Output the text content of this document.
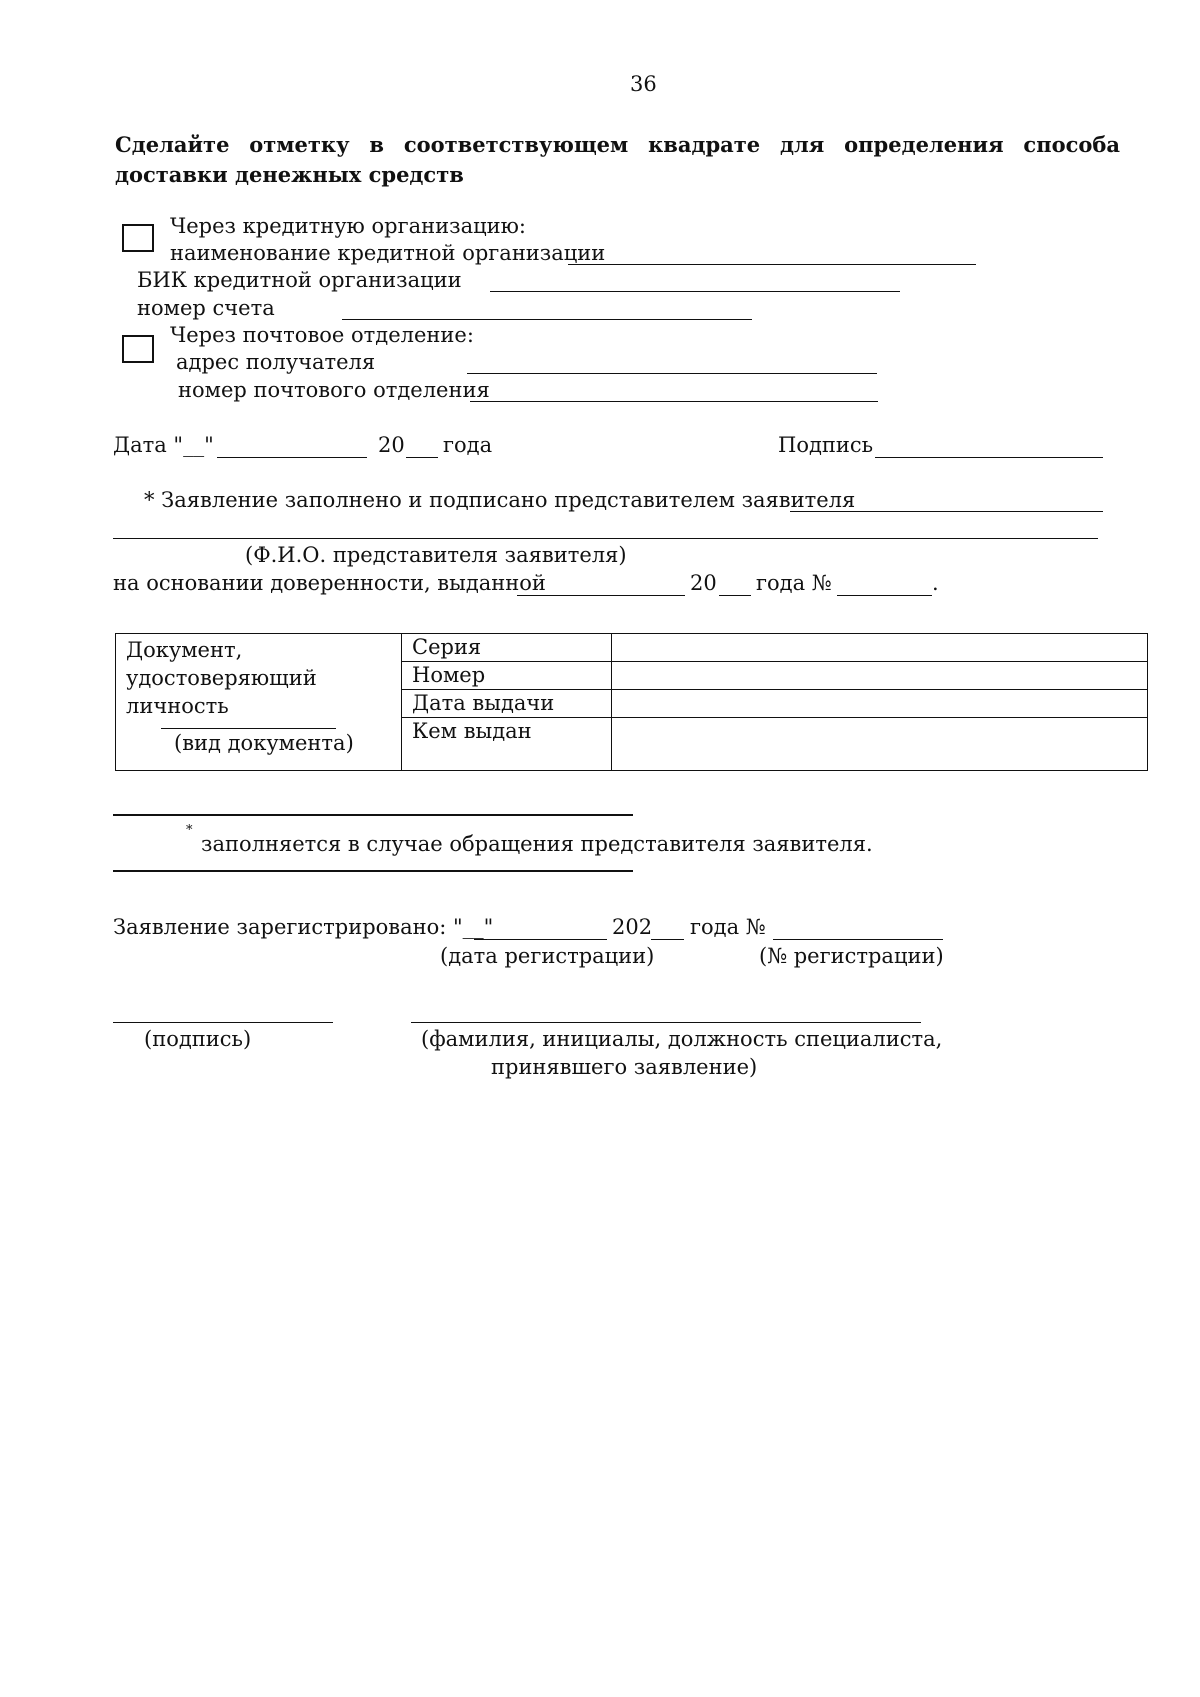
36
Сделайте отметку в соответствующем квадрате для определения способа доставки денежных средств
Через кредитную организацию:
наименование кредитной организации
БИК кредитной организации
номер счета
Через почтовое отделение:
адрес получателя
номер почтового отделения
Дата "__"	20 года	Подпись
* Заявление заполнено и подписано представителем заявителя
(Ф.И.О. представителя заявителя)
на основании доверенности, выданной	20 года №	.
Документ,
удостоверяющий
личность
(вид документа)	Серия	
	Номер	
	Дата выдачи	
	Кем выдан	
*
заполняется в случае обращения представителя заявителя.
Заявление зарегистрировано: "__"	202 года №
(дата регистрации)	(№ регистрации)
(подпись)	(фамилия, инициалы, должность специалиста,
принявшего заявление)
